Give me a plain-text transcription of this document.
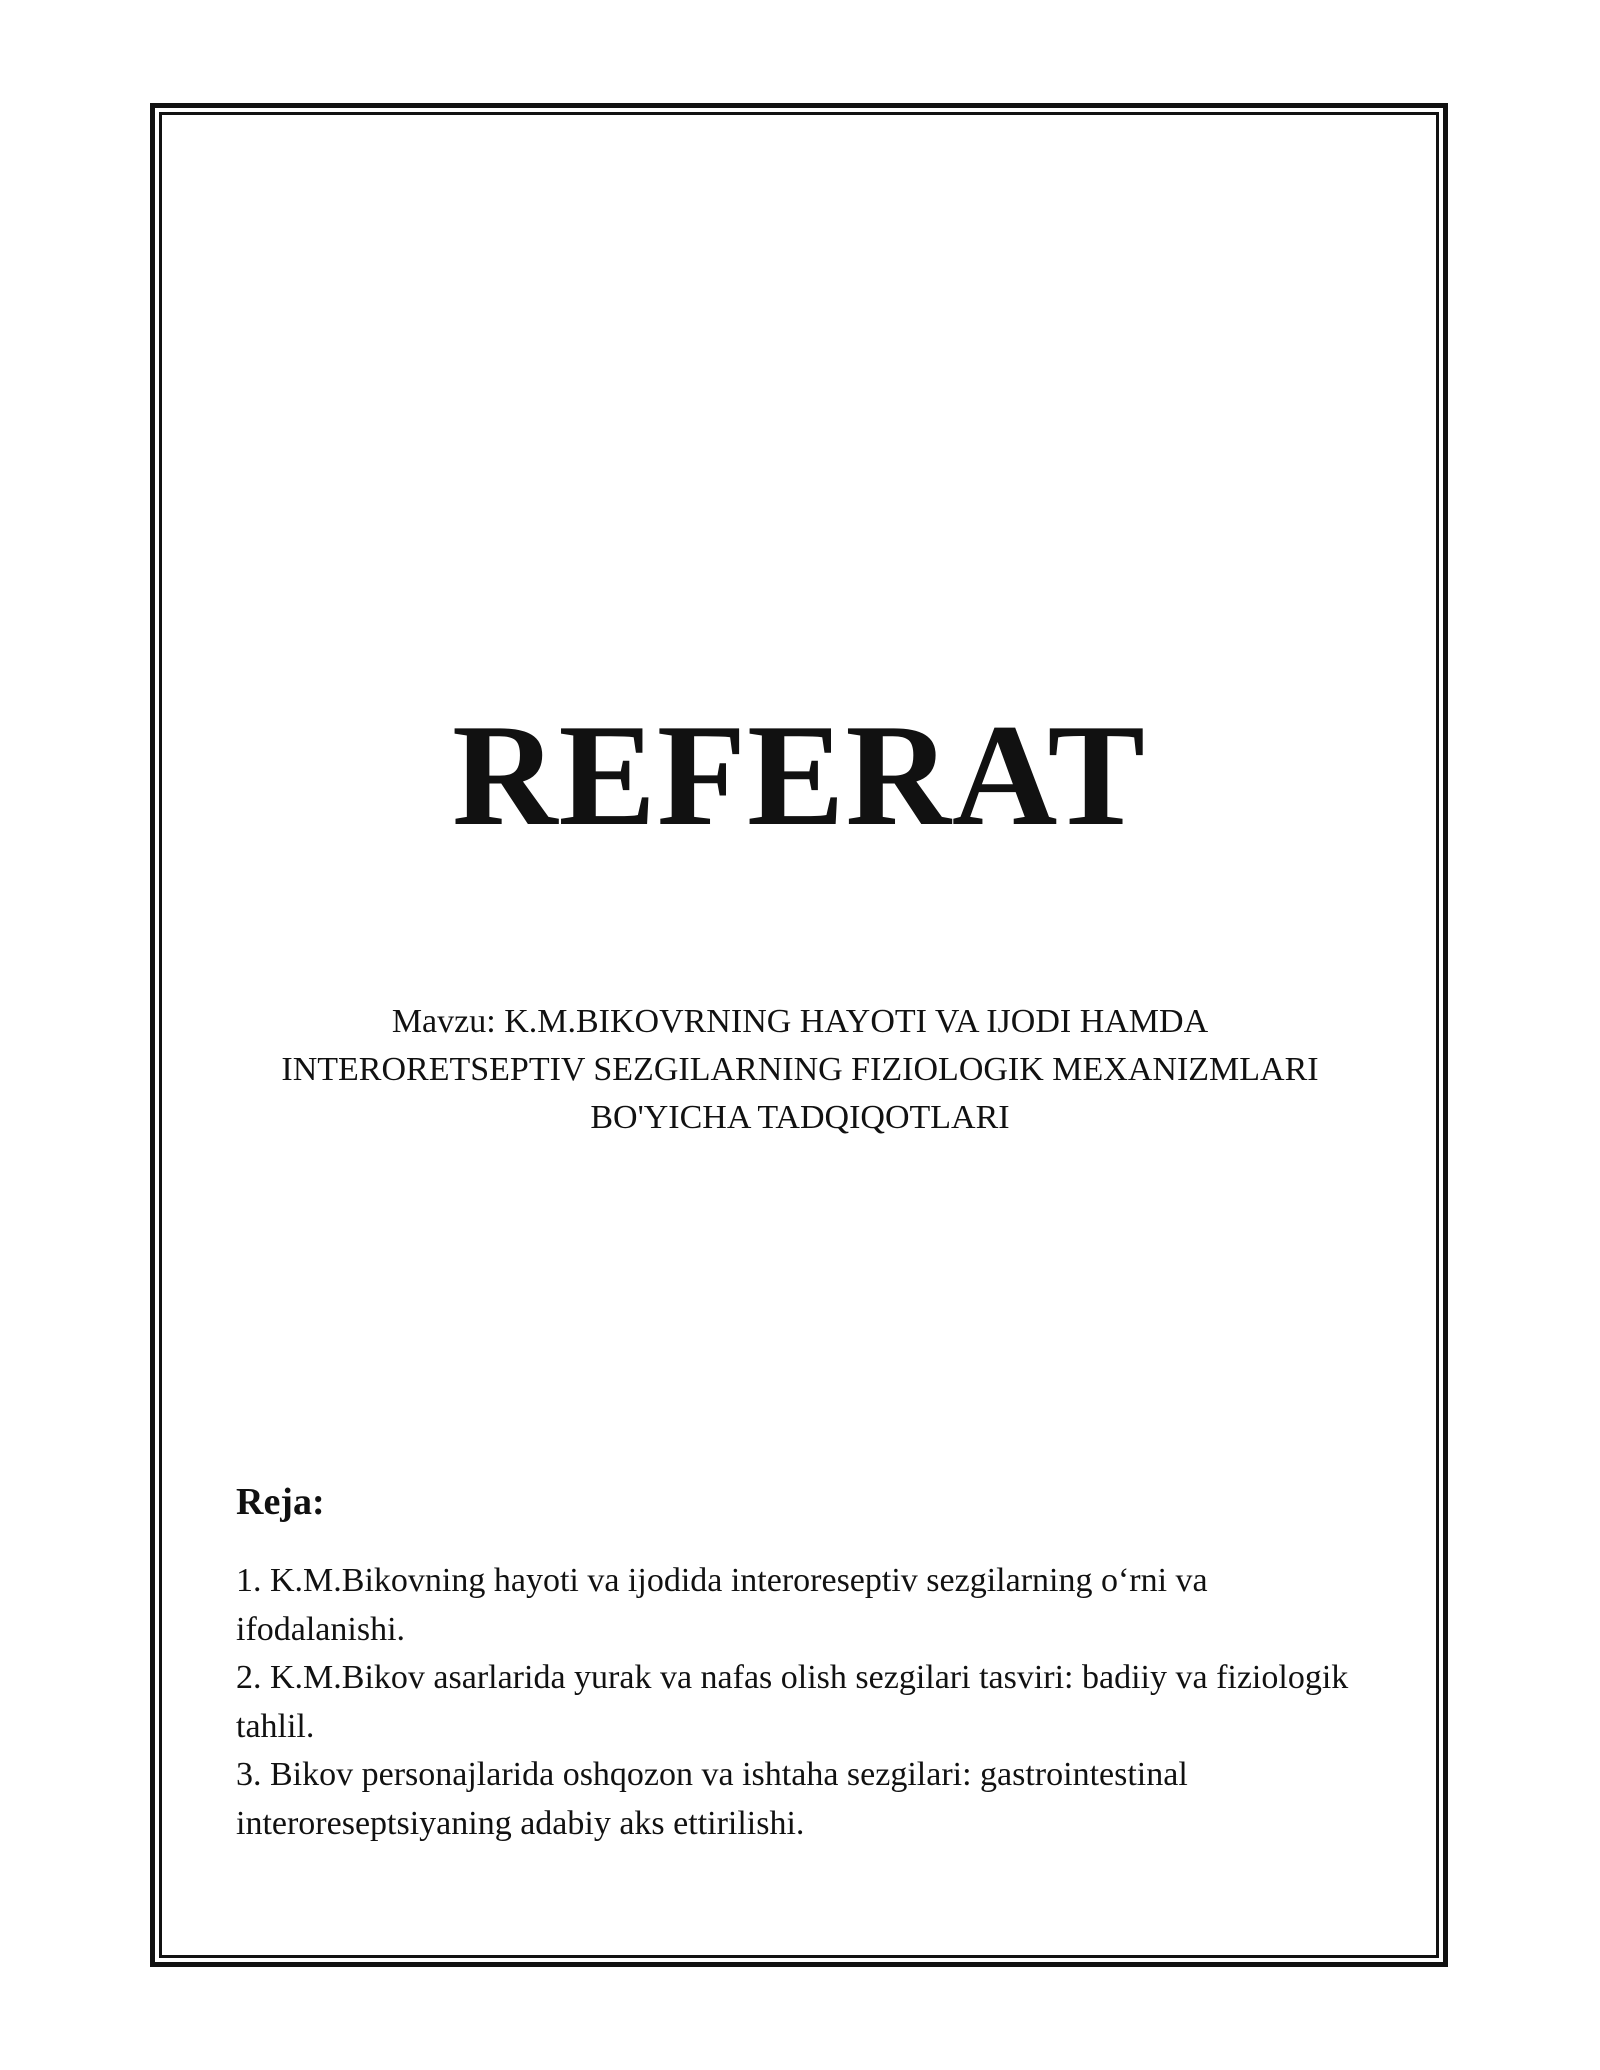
REFERAT
Mavzu: K.M.BIKOVRNING HAYOTI VA IJODI HAMDA
INTERORETSEPTIV SEZGILARNING FIZIOLOGIK MEXANIZMLARI
BO'YICHA TADQIQOTLARI
Reja:
1. K.M.Bikovning hayoti va ijodida interoreseptiv sezgilarning o‘rni va ifodalanishi.
2. K.M.Bikov asarlarida yurak va nafas olish sezgilari tasviri: badiiy va fiziologik tahlil.
3. Bikov personajlarida oshqozon va ishtaha sezgilari: gastrointestinal interoreseptsiyaning adabiy aks ettirilishi.
